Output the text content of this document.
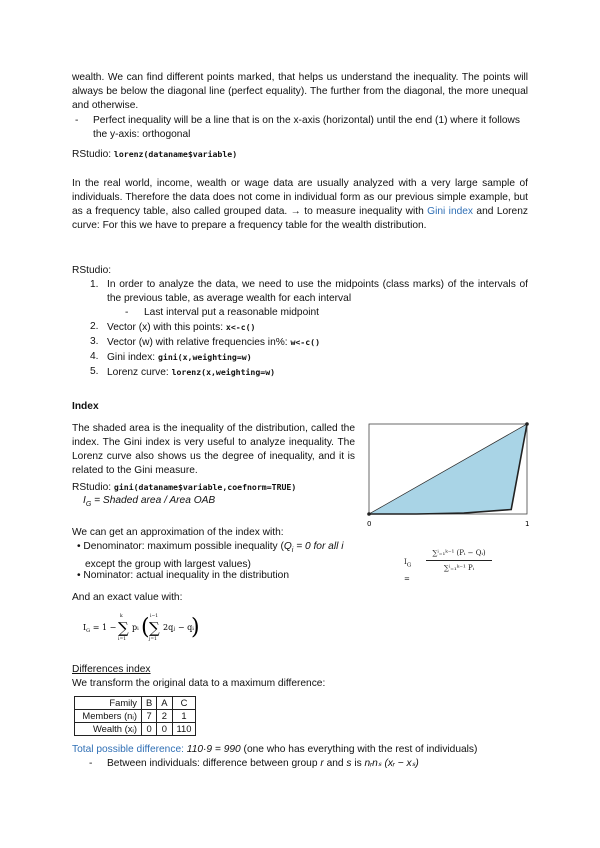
wealth. We can find different points marked, that helps us understand the inequality. The points will always be below the diagonal line (perfect equality). The further from the diagonal, the more unequal and otherwise.
- Perfect inequality will be a line that is on the x-axis (horizontal) until the end (1) where it follows the y-axis: orthogonal
RStudio: lorenz(dataname$variable)
In the real world, income, wealth or wage data are usually analyzed with a very large sample of individuals. Therefore the data does not come in individual form as our previous simple example, but as a frequency table, also called grouped data. → to measure inequality with Gini index and Lorenz curve: For this we have to prepare a frequency table for the wealth distribution.
RStudio:
1. In order to analyze the data, we need to use the midpoints (class marks) of the intervals of the previous table, as average wealth for each interval
- Last interval put a reasonable midpoint
2. Vector (x) with this points: x<-c()
3. Vector (w) with relative frequencies in%: w<-c()
4. Gini index: gini(x,weighting=w)
5. Lorenz curve: lorenz(x,weighting=w)
Index
The shaded area is the inequality of the distribution, called the index. The Gini index is very useful to analyze inequality. The Lorenz curve also shows us the degree of inequality, and it is related to the Gini measure.
RStudio: gini(dataname$variable,coefnorm=TRUE)
$I_G$ = Shaded area / Area OAB
0	1
We can get an approximation of the index with:
• Denominator: maximum possible inequality ($Q_i = 0$ for all i
except the group with largest values)
• Nominator: actual inequality in the distribution
$I_G$ =
$\frac{\text{∑ⁱ₌₁ᵏ⁻¹ (Pᵢ − Qᵢ)}}{\text{∑ⁱ₌₁ᵏ⁻¹ Pᵢ}}$
And an exact value with:
$I_G = 1$ − ∑
k
i=1
pᵢ ( ∑
i−1
j=1
2qⱼ − qᵢ
)
Differences index
We transform the original data to a maximum difference:
Family	B	A	C
Members (nᵢ)	7	2	1
Wealth (xᵢ)	0	0	110
Total possible difference: 110·9 = 990 (one who has everything with the rest of individuals)
- Between individuals: difference between group r and s is nᵣnₛ (xᵣ − xₛ)
